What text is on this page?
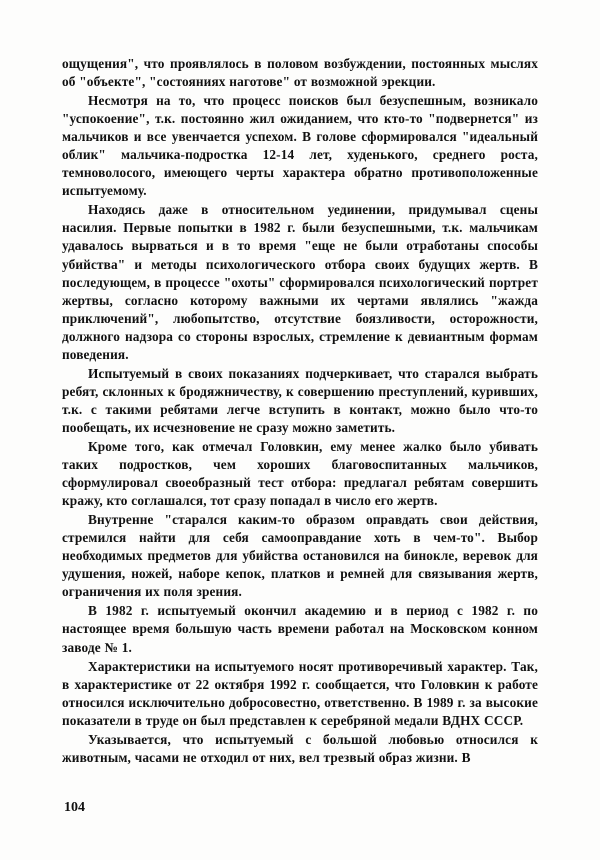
ощущения", что проявлялось в половом возбуждении, постоянных мыслях об "объекте", "состояниях наготове" от возможной эрекции.

Несмотря на то, что процесс поисков был безуспешным, возникало "успокоение", т.к. постоянно жил ожиданием, что кто-то "подвернется" из мальчиков и все увенчается успехом. В голове сформировался "идеальный облик" мальчика-подростка 12-14 лет, худенького, среднего роста, темноволосого, имеющего черты характера обратно противоположенные испытуемому.

Находясь даже в относительном уединении, придумывал сцены насилия. Первые попытки в 1982 г. были безуспешными, т.к. мальчикам удавалось вырваться и в то время "еще не были отработаны способы убийства" и методы психологического отбора своих будущих жертв. В последующем, в процессе "охоты" сформировался психологический портрет жертвы, согласно которому важными их чертами являлись "жажда приключений", любопытство, отсутствие боязливости, осторожности, должного надзора со стороны взрослых, стремление к девиантным формам поведения.

Испытуемый в своих показаниях подчеркивает, что старался выбрать ребят, склонных к бродяжничеству, к совершению преступлений, куривших, т.к. с такими ребятами легче вступить в контакт, можно было что-то пообещать, их исчезновение не сразу можно заметить.

Кроме того, как отмечал Головкин, ему менее жалко было убивать таких подростков, чем хороших благовоспитанных мальчиков, сформулировал своеобразный тест отбора: предлагал ребятам совершить кражу, кто соглашался, тот сразу попадал в число его жертв.

Внутренне "старался каким-то образом оправдать свои действия, стремился найти для себя самооправдание хоть в чем-то". Выбор необходимых предметов для убийства остановился на бинокле, веревок для удушения, ножей, наборе кепок, платков и ремней для связывания жертв, ограничения их поля зрения.

В 1982 г. испытуемый окончил академию и в период с 1982 г. по настоящее время большую часть времени работал на Московском конном заводе № 1.

Характеристики на испытуемого носят противоречивый характер. Так, в характеристике от 22 октября 1992 г. сообщается, что Головкин к работе относился исключительно добросовестно, ответственно. В 1989 г. за высокие показатели в труде он был представлен к серебряной медали ВДНХ СССР.

Указывается, что испытуемый с большой любовью относился к животным, часами не отходил от них, вел трезвый образ жизни. В

104
